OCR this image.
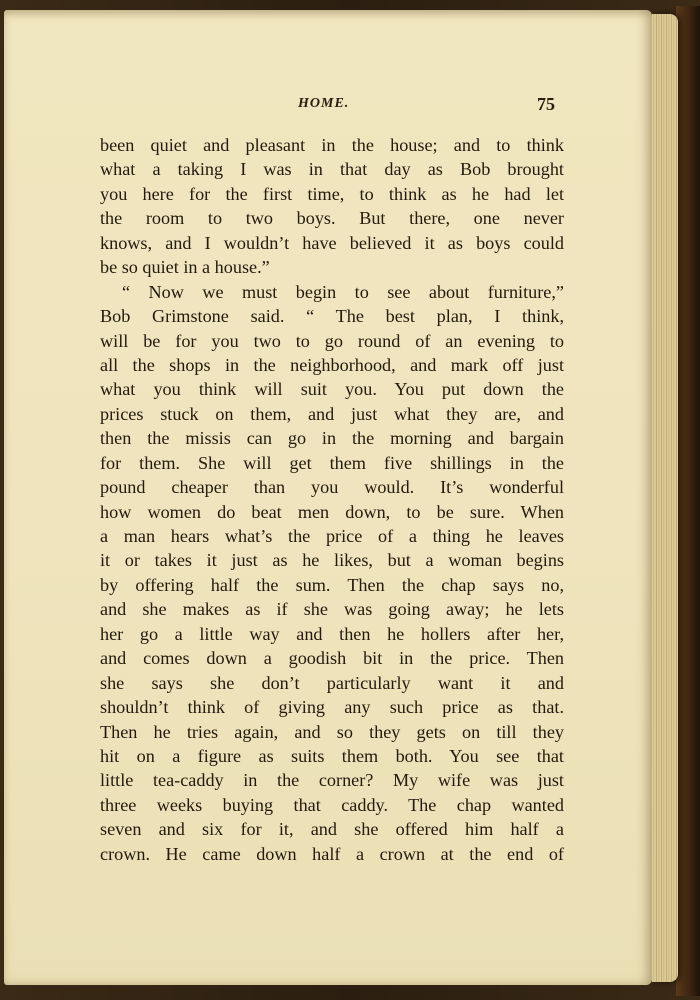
HOME.	75
been quiet and pleasant in the house; and to think
what a taking I was in that day as Bob brought
you here for the first time, to think as he had let
the room to two boys. But there, one never
knows, and I wouldn’t have believed it as boys could
be so quiet in a house.”
“ Now we must begin to see about furniture,”
Bob Grimstone said. “ The best plan, I think,
will be for you two to go round of an evening to
all the shops in the neighborhood, and mark off just
what you think will suit you. You put down the
prices stuck on them, and just what they are, and
then the missis can go in the morning and bargain
for them. She will get them five shillings in the
pound cheaper than you would. It’s wonderful
how women do beat men down, to be sure. When
a man hears what’s the price of a thing he leaves
it or takes it just as he likes, but a woman begins
by offering half the sum. Then the chap says no,
and she makes as if she was going away; he lets
her go a little way and then he hollers after her,
and comes down a goodish bit in the price. Then
she says she don’t particularly want it and
shouldn’t think of giving any such price as that.
Then he tries again, and so they gets on till they
hit on a figure as suits them both. You see that
little tea-caddy in the corner? My wife was just
three weeks buying that caddy. The chap wanted
seven and six for it, and she offered him half a
crown. He came down half a crown at the end of
